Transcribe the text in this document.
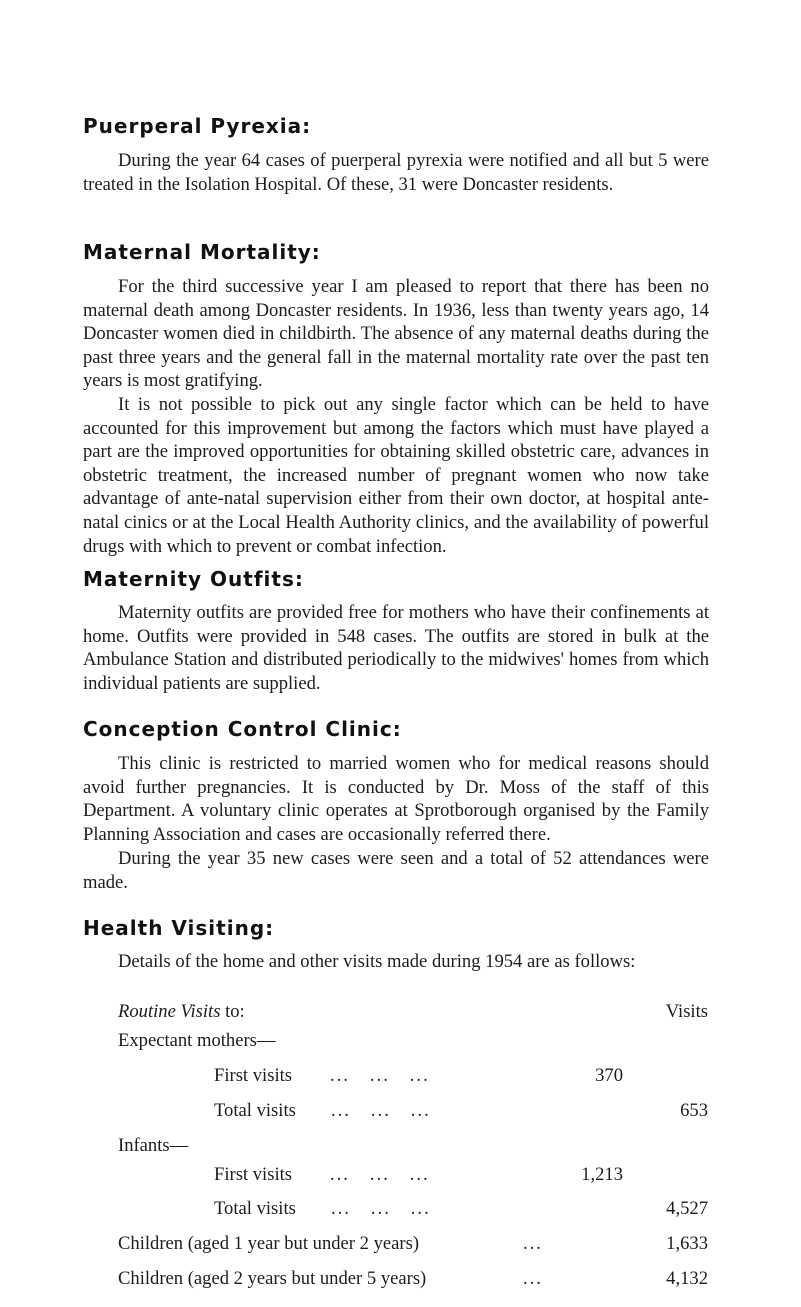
Puerperal Pyrexia:

During the year 64 cases of puerperal pyrexia were notified and all but 5 were treated in the Isolation Hospital. Of these, 31 were Doncaster residents.

Maternal Mortality:

For the third successive year I am pleased to report that there has been no maternal death among Doncaster residents. In 1936, less than twenty years ago, 14 Doncaster women died in childbirth. The absence of any maternal deaths during the past three years and the general fall in the maternal mortality rate over the past ten years is most gratifying.

It is not possible to pick out any single factor which can be held to have accounted for this improvement but among the factors which must have played a part are the improved opportunities for obtaining skilled obstetric care, advances in obstetric treatment, the increased number of pregnant women who now take advantage of ante-natal supervision either from their own doctor, at hospital ante-natal cinics or at the Local Health Authority clinics, and the availability of powerful drugs with which to prevent or combat infection.

Maternity Outfits:

Maternity outfits are provided free for mothers who have their confinements at home. Outfits were provided in 548 cases. The outfits are stored in bulk at the Ambulance Station and distributed periodically to the midwives' homes from which individual patients are supplied.

Conception Control Clinic:

This clinic is restricted to married women who for medical reasons should avoid further pregnancies. It is conducted by Dr. Moss of the staff of this Department. A voluntary clinic operates at Sprotborough organised by the Family Planning Association and cases are occasionally referred there.

During the year 35 new cases were seen and a total of 52 attendances were made.

Health Visiting:

Details of the home and other visits made during 1954 are as follows:

Routine Visits to:	Visits
Expectant mothers—
First visits ...   ...   ...	370
Total visits ...   ...   ...	653
Infants—
First visits ...   ...   ...	1,213
Total visits ...   ...   ...	4,527
Children (aged 1 year but under 2 years)	...	1,633
Children (aged 2 years but under 5 years)	...	4,132
